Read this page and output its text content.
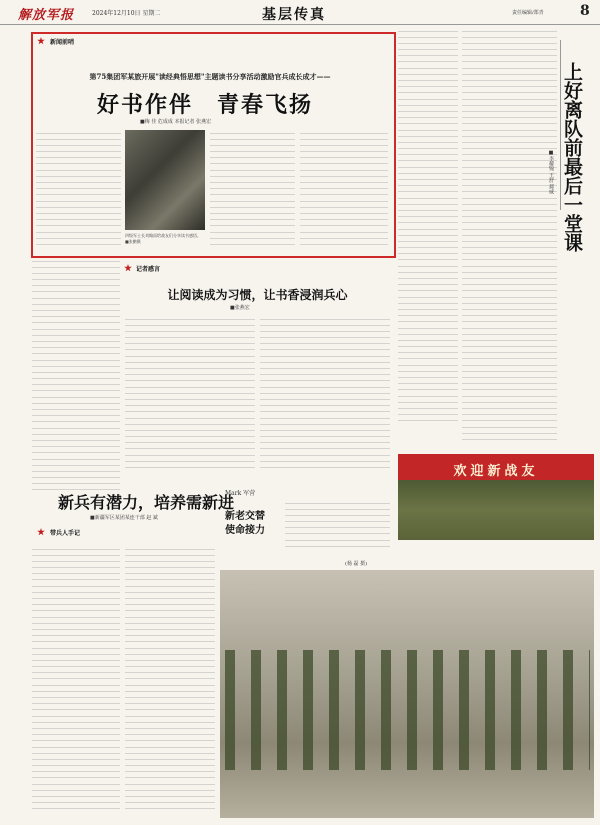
解放军报	2024年12月10日 星期二	基层传真	责任编辑/郑青	8
新闻前哨
第75集团军某旅开展"读经典悟思想"主题读书分享活动激励官兵成长成才——
好书作伴　青春飞扬
■梅 佳 危成成 本报记者 张燕宏
四级军士长刘翰雨给战友们分享读书感悟。 ■张鹏摄
记者感言
让阅读成为习惯，让书香浸润兵心
■张燕宏
上好离队前最后一堂课
■李耀锦 王舒 郝威
欢迎新战友
新兵有潜力，培养需新进
■新疆军区某团某连干部 赵 斌
带兵人手记
Mark 军营
新老交替
使命接力
(杨 磊 摄)
